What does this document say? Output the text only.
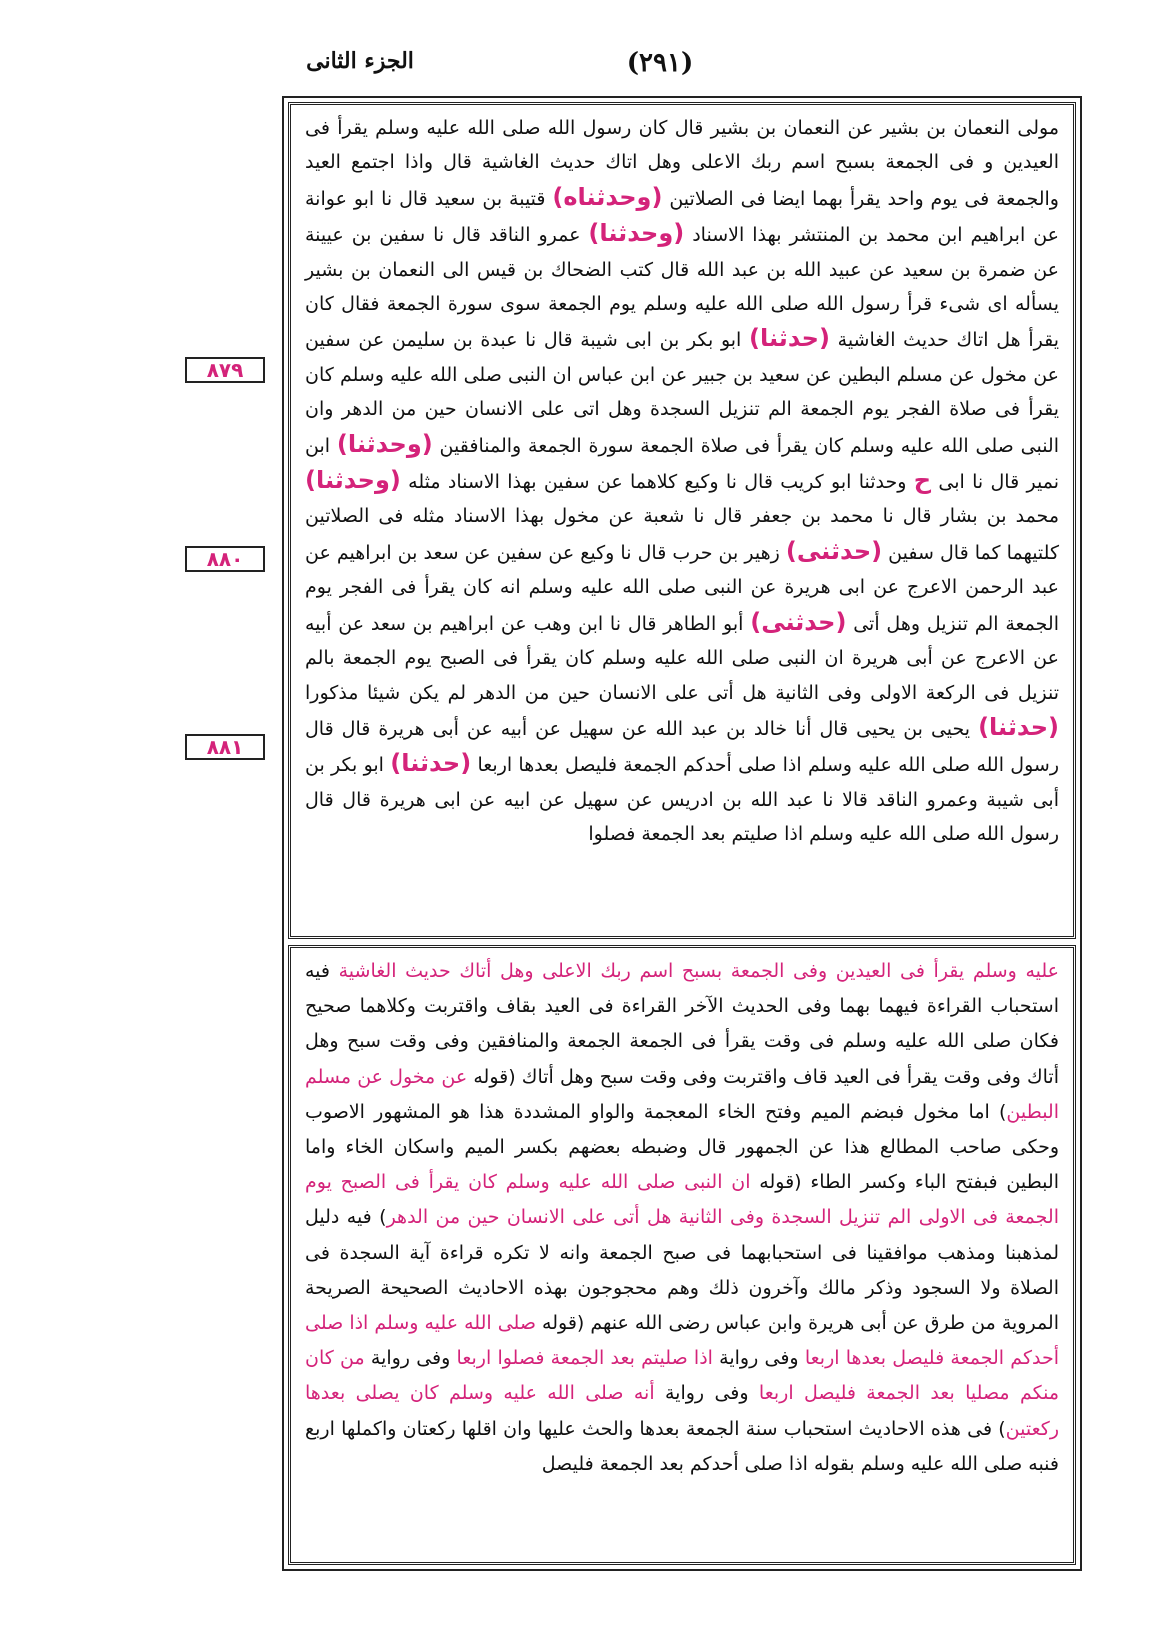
الجزء الثانی	(۲۹۱)
مولی النعمان بن بشیر عن النعمان بن بشیر قال کان رسول الله صلی الله علیه وسلم یقرأ فی العیدین و فی الجمعة بسبح اسم ربك الاعلی وهل اتاك حدیث الغاشیة قال واذا اجتمع العید والجمعة فی یوم واحد یقرأ بهما ایضا فی الصلاتین (وحدثناه) قتیبة بن سعید قال نا ابو عوانة عن ابراهیم ابن محمد بن المنتشر بهذا الاسناد (وحدثنا) عمرو الناقد قال نا سفین بن عیینة عن ضمرة بن سعید عن عبید الله بن عبد الله قال كتب الضحاك بن قیس الی النعمان بن بشیر یسأله ای شیء قرأ رسول الله صلی الله علیه وسلم یوم الجمعة سوی سورة الجمعة فقال كان یقرأ هل اتاك حدیث الغاشیة (حدثنا) ابو بكر بن ابی شیبة قال نا عبدة بن سلیمن عن سفین عن مخول عن مسلم البطین عن سعید بن جبیر عن ابن عباس ان النبی صلی الله علیه وسلم كان یقرأ فی صلاة الفجر یوم الجمعة الم تنزیل السجدة وهل اتی علی الانسان حین من الدهر وان النبی صلی الله علیه وسلم كان یقرأ فی صلاة الجمعة سورة الجمعة والمنافقین (وحدثنا) ابن نمیر قال نا ابی ح وحدثنا ابو كریب قال نا وكیع كلاهما عن سفین بهذا الاسناد مثله (وحدثنا) محمد بن بشار قال نا محمد بن جعفر قال نا شعبة عن مخول بهذا الاسناد مثله فی الصلاتین كلتیهما كما قال سفین (حدثنی) زهیر بن حرب قال نا وكیع عن سفین عن سعد بن ابراهیم عن عبد الرحمن الاعرج عن ابی هریرة عن النبی صلی الله علیه وسلم انه كان یقرأ فی الفجر یوم الجمعة الم تنزیل وهل أتی (حدثنی) أبو الطاهر قال نا ابن وهب عن ابراهیم بن سعد عن أبیه عن الاعرج عن أبی هریرة ان النبی صلی الله علیه وسلم كان یقرأ فی الصبح یوم الجمعة بالم تنزیل فی الركعة الاولی وفی الثانیة هل أتی علی الانسان حین من الدهر لم یكن شیئا مذكورا (حدثنا) یحیی بن یحیی قال أنا خالد بن عبد الله عن سهیل عن أبیه عن أبی هریرة قال قال رسول الله صلی الله علیه وسلم اذا صلی أحدكم الجمعة فلیصل بعدها اربعا (حدثنا) ابو بكر بن أبی شیبة وعمرو الناقد قالا نا عبد الله بن ادریس عن سهیل عن ابیه عن ابی هریرة قال قال رسول الله صلی الله علیه وسلم اذا صلیتم بعد الجمعة فصلوا
علیه وسلم یقرأ فی العیدین وفی الجمعة بسبح اسم ربك الاعلی وهل أتاك حدیث الغاشیة فیه استحباب القراءة فیهما بهما وفی الحدیث الآخر القراءة فی العید بقاف واقتربت وكلاهما صحیح فكان صلی الله علیه وسلم فی وقت یقرأ فی الجمعة الجمعة والمنافقین وفی وقت سبح وهل أتاك وفی وقت یقرأ فی العید قاف واقتربت وفی وقت سبح وهل أتاك (قوله عن مخول عن مسلم البطین) اما مخول فبضم المیم وفتح الخاء المعجمة والواو المشددة هذا هو المشهور الاصوب وحكی صاحب المطالع هذا عن الجمهور قال وضبطه بعضهم بكسر المیم واسكان الخاء واما البطین فبفتح الباء وكسر الطاء (قوله ان النبی صلی الله علیه وسلم كان یقرأ فی الصبح یوم الجمعة فی الاولی الم تنزیل السجدة وفی الثانیة هل أتی علی الانسان حین من الدهر) فیه دلیل لمذهبنا ومذهب موافقینا فی استحبابهما فی صبح الجمعة وانه لا تكره قراءة آیة السجدة فی الصلاة ولا السجود وذكر مالك وآخرون ذلك وهم محجوجون بهذه الاحادیث الصحیحة الصریحة المرویة من طرق عن أبی هریرة وابن عباس رضی الله عنهم (قوله صلی الله علیه وسلم اذا صلی أحدكم الجمعة فلیصل بعدها اربعا وفی روایة اذا صلیتم بعد الجمعة فصلوا اربعا وفی روایة من كان منكم مصلیا بعد الجمعة فلیصل اربعا وفی روایة أنه صلی الله علیه وسلم كان یصلی بعدها ركعتین) فی هذه الاحادیث استحباب سنة الجمعة بعدها والحث علیها وان اقلها ركعتان واكملها اربع فنبه صلی الله علیه وسلم بقوله اذا صلی أحدكم بعد الجمعة فلیصل
۸۷۹
۸۸۰
۸۸۱
